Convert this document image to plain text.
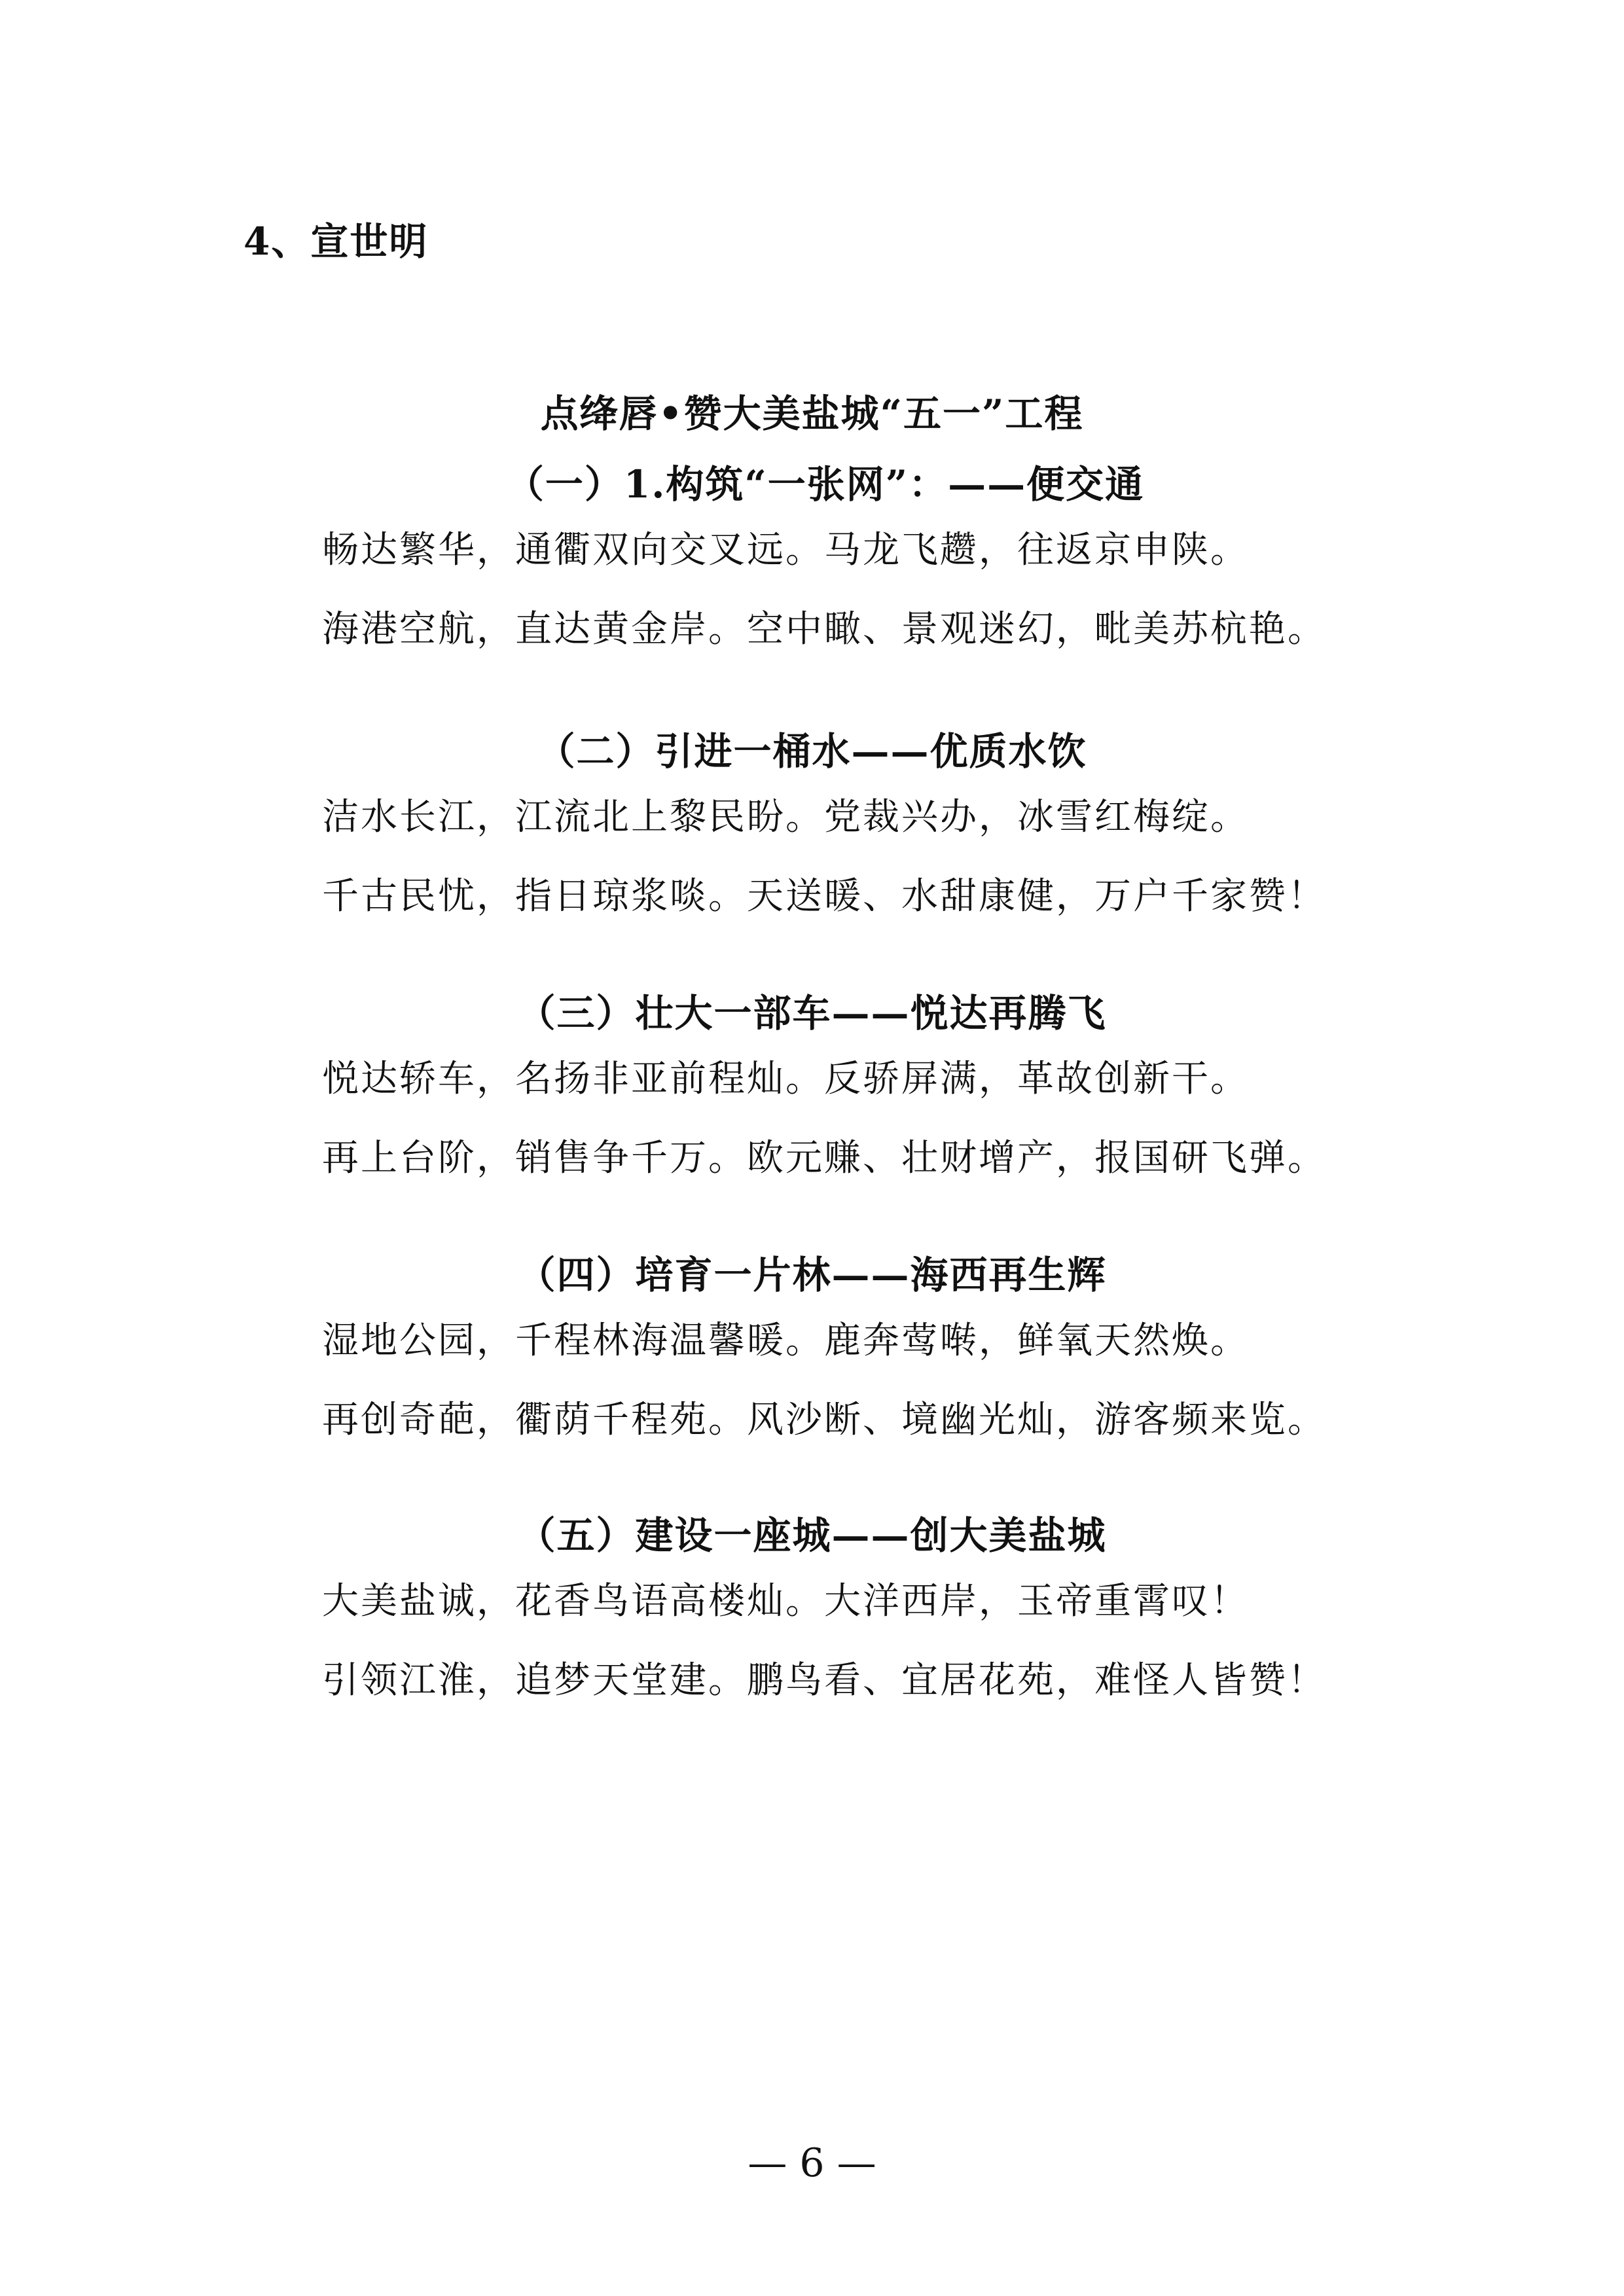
4、宣世明

点绛唇•赞大美盐城“五一”工程

（一）1.构筑“一张网”：——便交通

畅达繁华，通衢双向交叉远。马龙飞趱，往返京申陕。

海港空航，直达黄金岸。空中瞰、景观迷幻，毗美苏杭艳。

（二）引进一桶水——优质水饮

洁水长江，江流北上黎民盼。党裁兴办，冰雪红梅绽。

千古民忧，指日琼浆啖。天送暖、水甜康健，万户千家赞！

（三）壮大一部车——悦达再腾飞

悦达轿车，名扬非亚前程灿。反骄屏满，革故创新干。

再上台阶，销售争千万。欧元赚、壮财增产，报国研飞弹。

（四）培育一片林——海西再生辉

湿地公园，千程林海温馨暖。鹿奔莺啭，鲜氧天然焕。

再创奇葩，衢荫千程苑。风沙断、境幽光灿，游客频来览。

（五）建设一座城——创大美盐城

大美盐诚，花香鸟语高楼灿。大洋西岸，玉帝重霄叹！

引领江淮，追梦天堂建。鹏鸟看、宜居花苑，难怪人皆赞！

— 6 —
